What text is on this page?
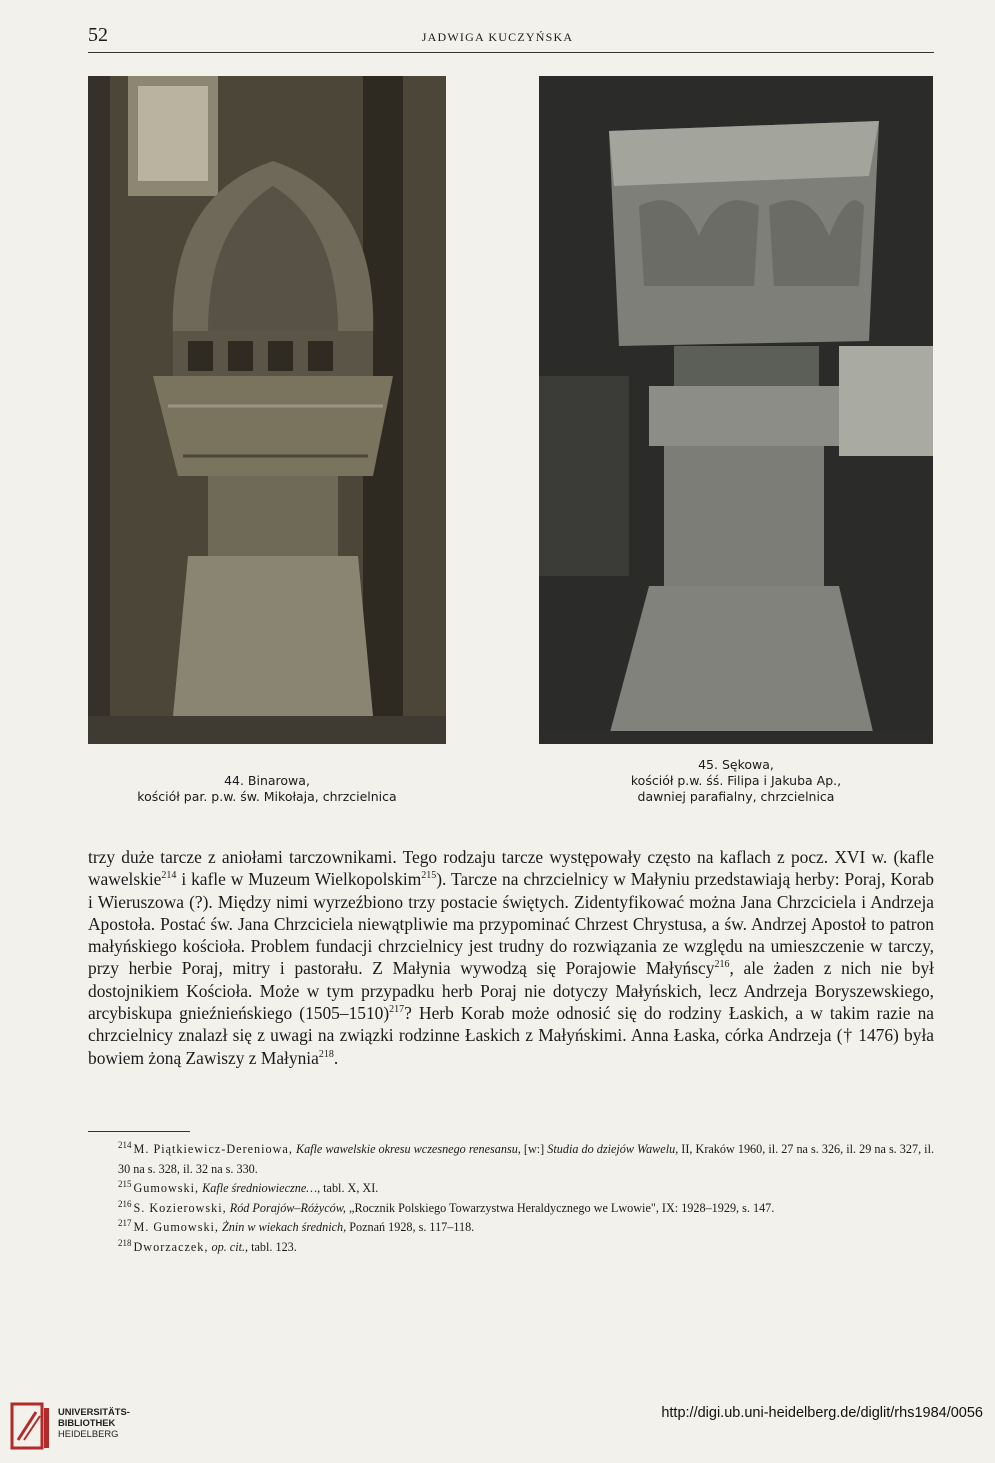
52	JADWIGA KUCZYŃSKA
44. Binarowa,
kościół par. p.w. św. Mikołaja, chrzcielnica
45. Sękowa,
kościół p.w. śś. Filipa i Jakuba Ap.,
dawniej parafialny, chrzcielnica

trzy duże tarcze z aniołami tarczownikami. Tego rodzaju tarcze występowały często na kaflach z pocz. XVI w. (kafle wawelskie$^{214}$ i kafle w Muzeum Wielkopolskim$^{215}$). Tarcze na chrzcielnicy w Małyniu przedstawiają herby: Poraj, Korab i Wieruszowa (?). Między nimi wyrzeźbiono trzy postacie świętych. Zidentyfikować można Jana Chrzciciela i Andrzeja Apostoła. Postać św. Jana Chrzciciela niewątpliwie ma przypominać Chrzest Chrystusa, a św. Andrzej Apostoł to patron małyńskiego kościoła. Problem fundacji chrzcielnicy jest trudny do rozwiązania ze względu na umieszczenie w tarczy, przy herbie Poraj, mitry i pastorału. Z Małynia wywodzą się Porajowie Małyńscy$^{216}$, ale żaden z nich nie był dostojnikiem Kościoła. Może w tym przypadku herb Poraj nie dotyczy Małyńskich, lecz Andrzeja Boryszewskiego, arcybiskupa gnieźnieńskiego (1505–1510)$^{217}$? Herb Korab może odnosić się do rodziny Łaskich, a w takim razie na chrzcielnicy znalazł się z uwagi na związki rodzinne Łaskich z Małyńskimi. Anna Łaska, córka Andrzeja († 1476) była bowiem żoną Zawiszy z Małynia$^{218}$.

$^{214}$ M. Piątkiewicz-Dereniowa, Kafle wawelskie okresu wczesnego renesansu, [w:] Studia do dziejów Wawelu, II, Kraków 1960, il. 27 na s. 326, il. 29 na s. 327, il. 30 na s. 328, il. 32 na s. 330.

$^{215}$ Gumowski, Kafle średniowieczne…, tabl. X, XI.

$^{216}$ S. Kozierowski, Ród Porajów–Różyców, „Rocznik Polskiego Towarzystwa Heraldycznego we Lwowie", IX: 1928–1929, s. 147.

$^{217}$ M. Gumowski, Żnin w wiekach średnich, Poznań 1928, s. 117–118.

$^{218}$ Dworzaczek, op. cit., tabl. 123.

UNIVERSITÄTS-
BIBLIOTHEK
HEIDELBERG
http://digi.ub.uni-heidelberg.de/diglit/rhs1984/0056
